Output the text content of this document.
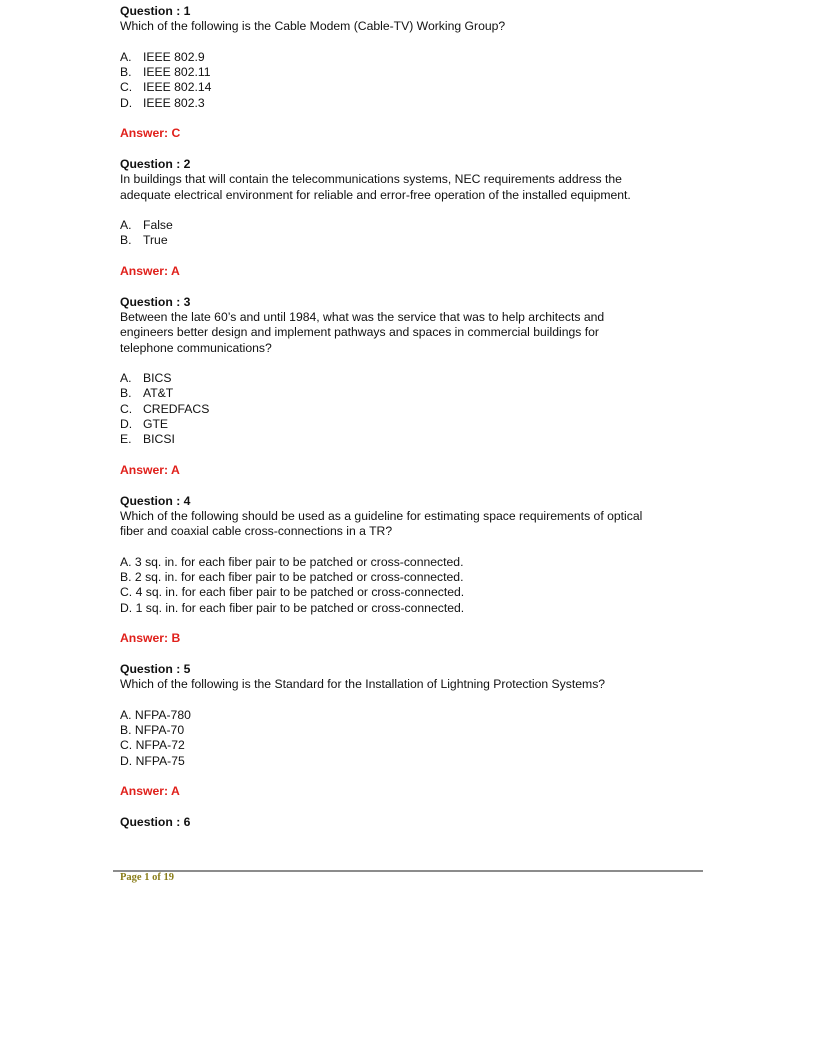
Question : 1
Which of the following is the Cable Modem (Cable-TV) Working Group?
A. IEEE 802.9
B. IEEE 802.11
C. IEEE 802.14
D. IEEE 802.3
Answer: C
Question : 2
In buildings that will contain the telecommunications systems, NEC requirements address the
adequate electrical environment for reliable and error-free operation of the installed equipment.
A. False
B. True
Answer: A
Question : 3
Between the late 60’s and until 1984, what was the service that was to help architects and
engineers better design and implement pathways and spaces in commercial buildings for
telephone communications?
A. BICS
B. AT&T
C. CREDFACS
D. GTE
E. BICSI
Answer: A
Question : 4
Which of the following should be used as a guideline for estimating space requirements of optical
fiber and coaxial cable cross-connections in a TR?
A. 3 sq. in. for each fiber pair to be patched or cross-connected.
B. 2 sq. in. for each fiber pair to be patched or cross-connected.
C. 4 sq. in. for each fiber pair to be patched or cross-connected.
D. 1 sq. in. for each fiber pair to be patched or cross-connected.
Answer: B
Question : 5
Which of the following is the Standard for the Installation of Lightning Protection Systems?
A. NFPA-780
B. NFPA-70
C. NFPA-72
D. NFPA-75
Answer: A
Question : 6
Page 1 of 19
